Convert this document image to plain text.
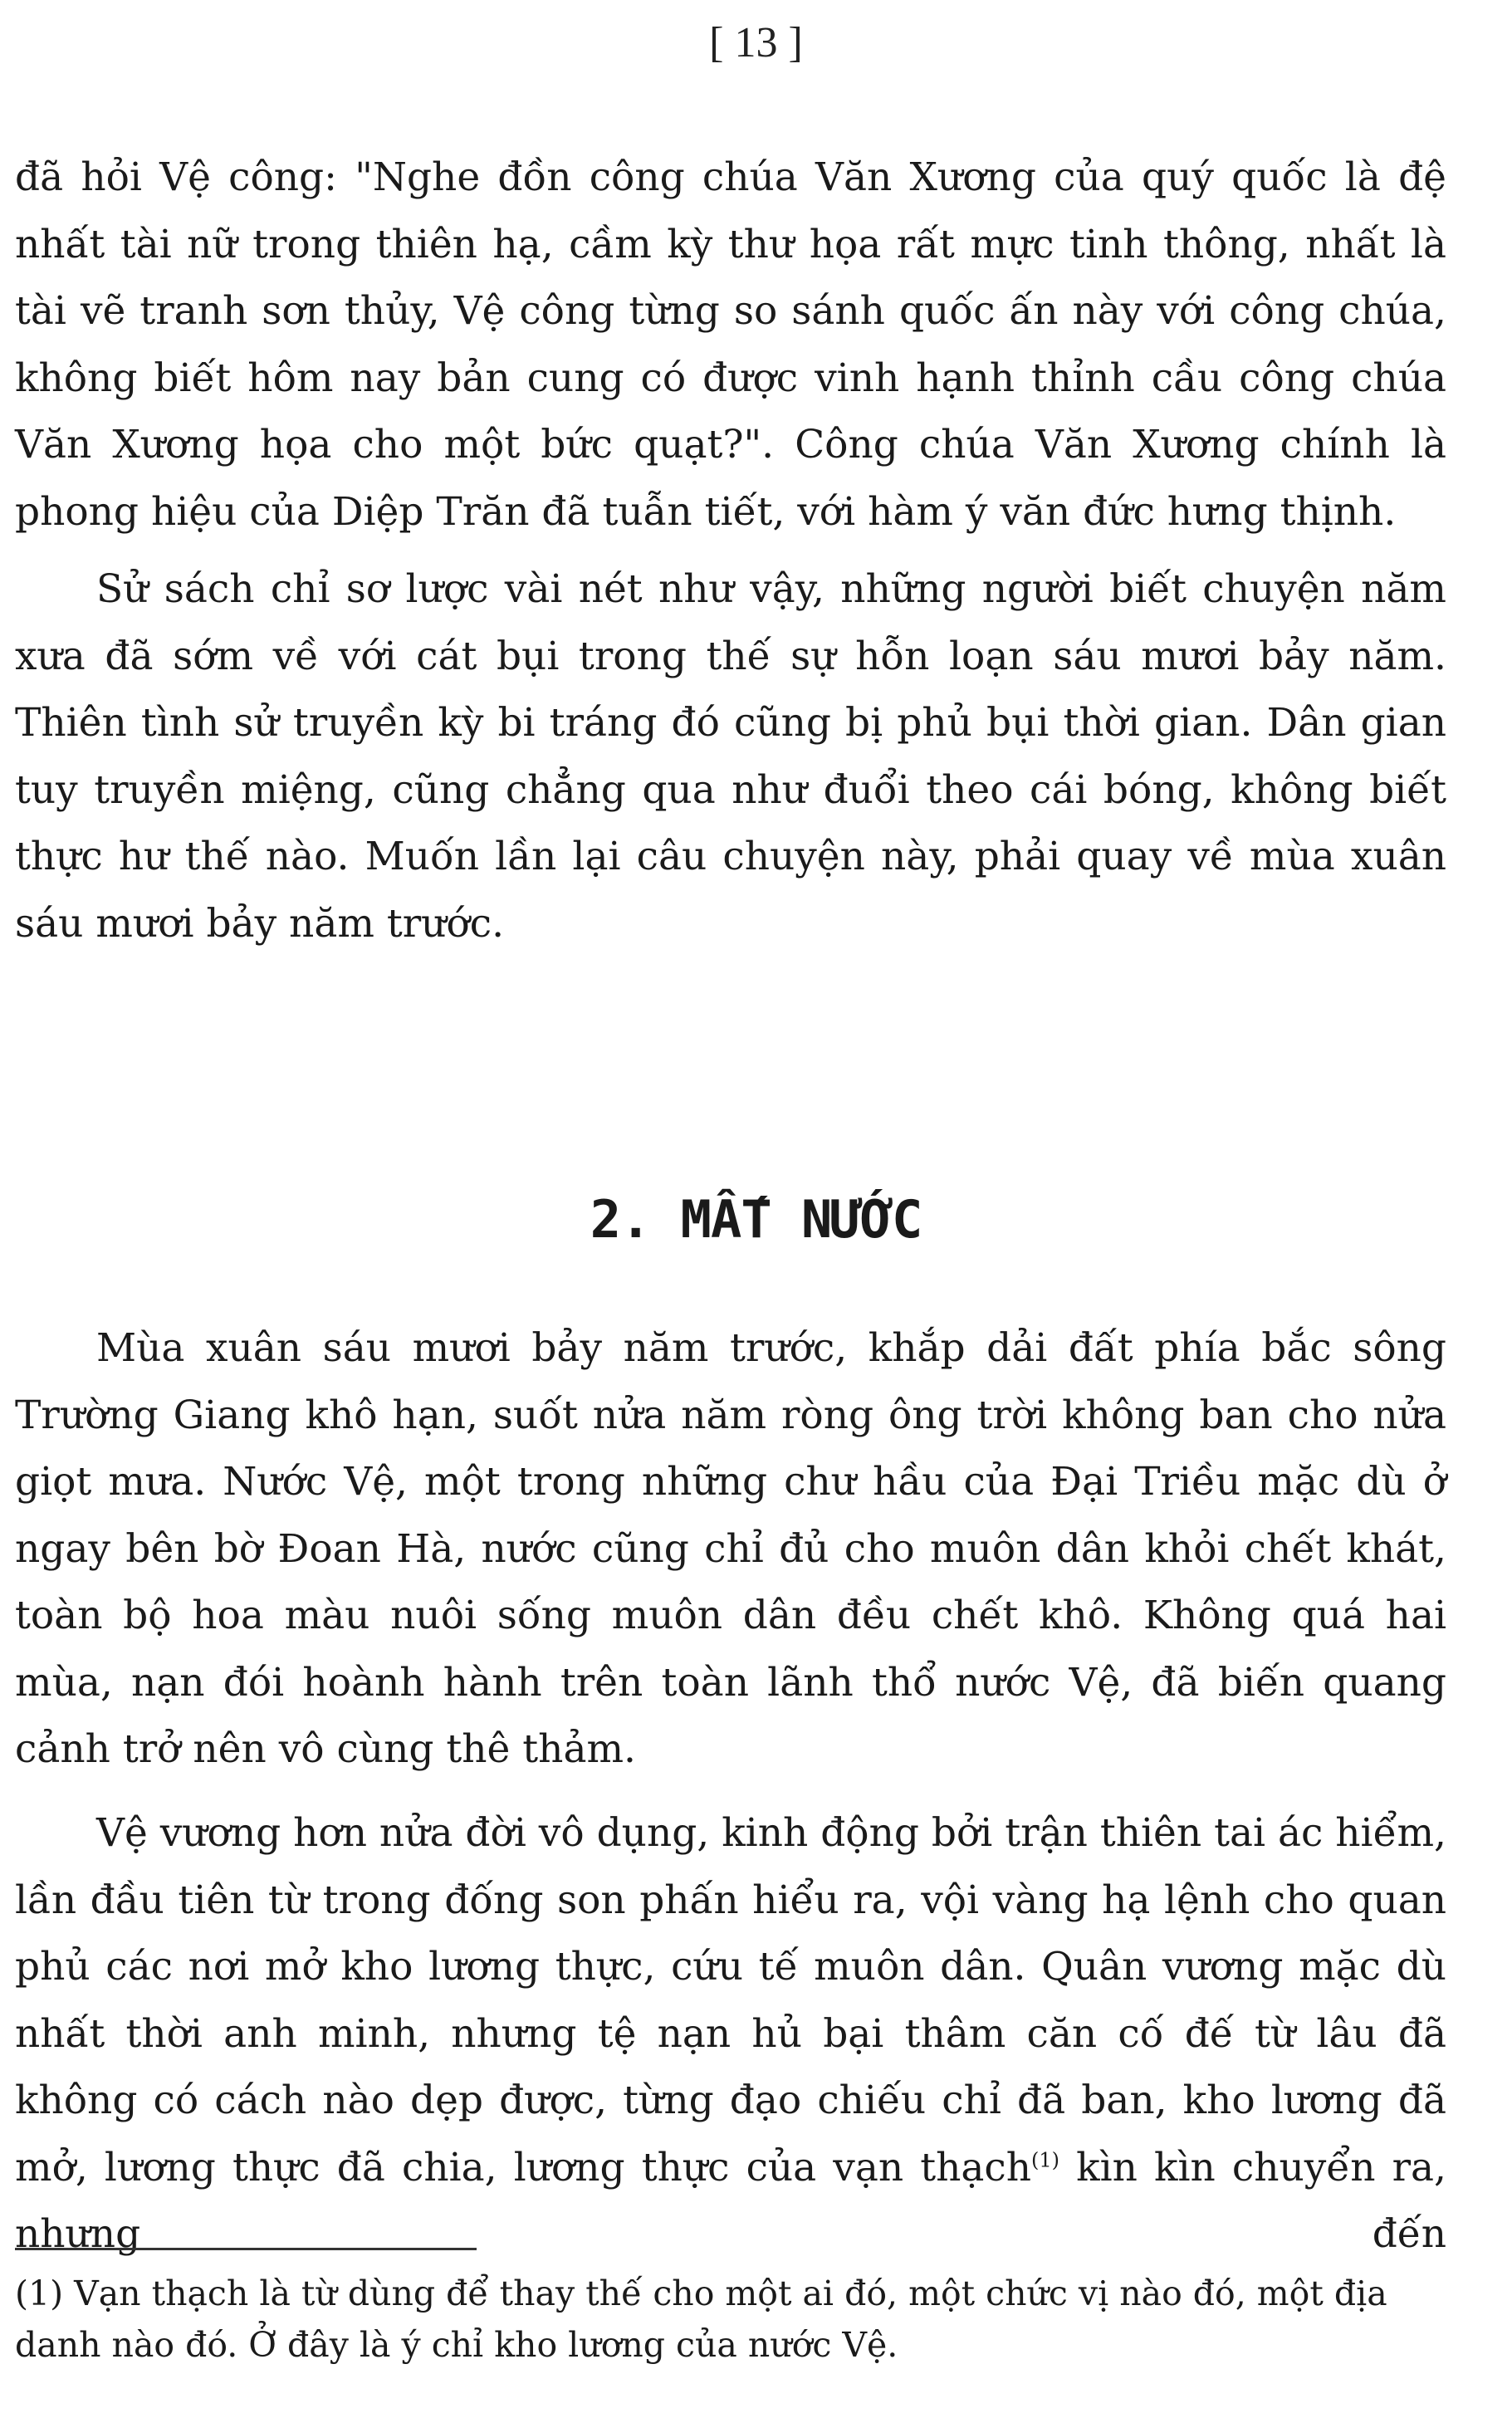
[ 13 ]

đã hỏi Vệ công: "Nghe đồn công chúa Văn Xương của quý quốc là đệ nhất tài nữ trong thiên hạ, cầm kỳ thư họa rất mực tinh thông, nhất là tài vẽ tranh sơn thủy, Vệ công từng so sánh quốc ấn này với công chúa, không biết hôm nay bản cung có được vinh hạnh thỉnh cầu công chúa Văn Xương họa cho một bức quạt?". Công chúa Văn Xương chính là phong hiệu của Diệp Trăn đã tuẫn tiết, với hàm ý văn đức hưng thịnh.

Sử sách chỉ sơ lược vài nét như vậy, những người biết chuyện năm xưa đã sớm về với cát bụi trong thế sự hỗn loạn sáu mươi bảy năm. Thiên tình sử truyền kỳ bi tráng đó cũng bị phủ bụi thời gian. Dân gian tuy truyền miệng, cũng chẳng qua như đuổi theo cái bóng, không biết thực hư thế nào. Muốn lần lại câu chuyện này, phải quay về mùa xuân sáu mươi bảy năm trước.

2. MẤT NƯỚC

Mùa xuân sáu mươi bảy năm trước, khắp dải đất phía bắc sông Trường Giang khô hạn, suốt nửa năm ròng ông trời không ban cho nửa giọt mưa. Nước Vệ, một trong những chư hầu của Đại Triều mặc dù ở ngay bên bờ Đoan Hà, nước cũng chỉ đủ cho muôn dân khỏi chết khát, toàn bộ hoa màu nuôi sống muôn dân đều chết khô. Không quá hai mùa, nạn đói hoành hành trên toàn lãnh thổ nước Vệ, đã biến quang cảnh trở nên vô cùng thê thảm.

Vệ vương hơn nửa đời vô dụng, kinh động bởi trận thiên tai ác hiểm, lần đầu tiên từ trong đống son phấn hiểu ra, vội vàng hạ lệnh cho quan phủ các nơi mở kho lương thực, cứu tế muôn dân. Quân vương mặc dù nhất thời anh minh, nhưng tệ nạn hủ bại thâm căn cố đế từ lâu đã không có cách nào dẹp được, từng đạo chiếu chỉ đã ban, kho lương đã mở, lương thực đã chia, lương thực của vạn thạch$^{(1)}$ kìn kìn chuyển ra, nhưng đến

(1) Vạn thạch là từ dùng để thay thế cho một ai đó, một chức vị nào đó, một địa danh nào đó. Ở đây là ý chỉ kho lương của nước Vệ.
